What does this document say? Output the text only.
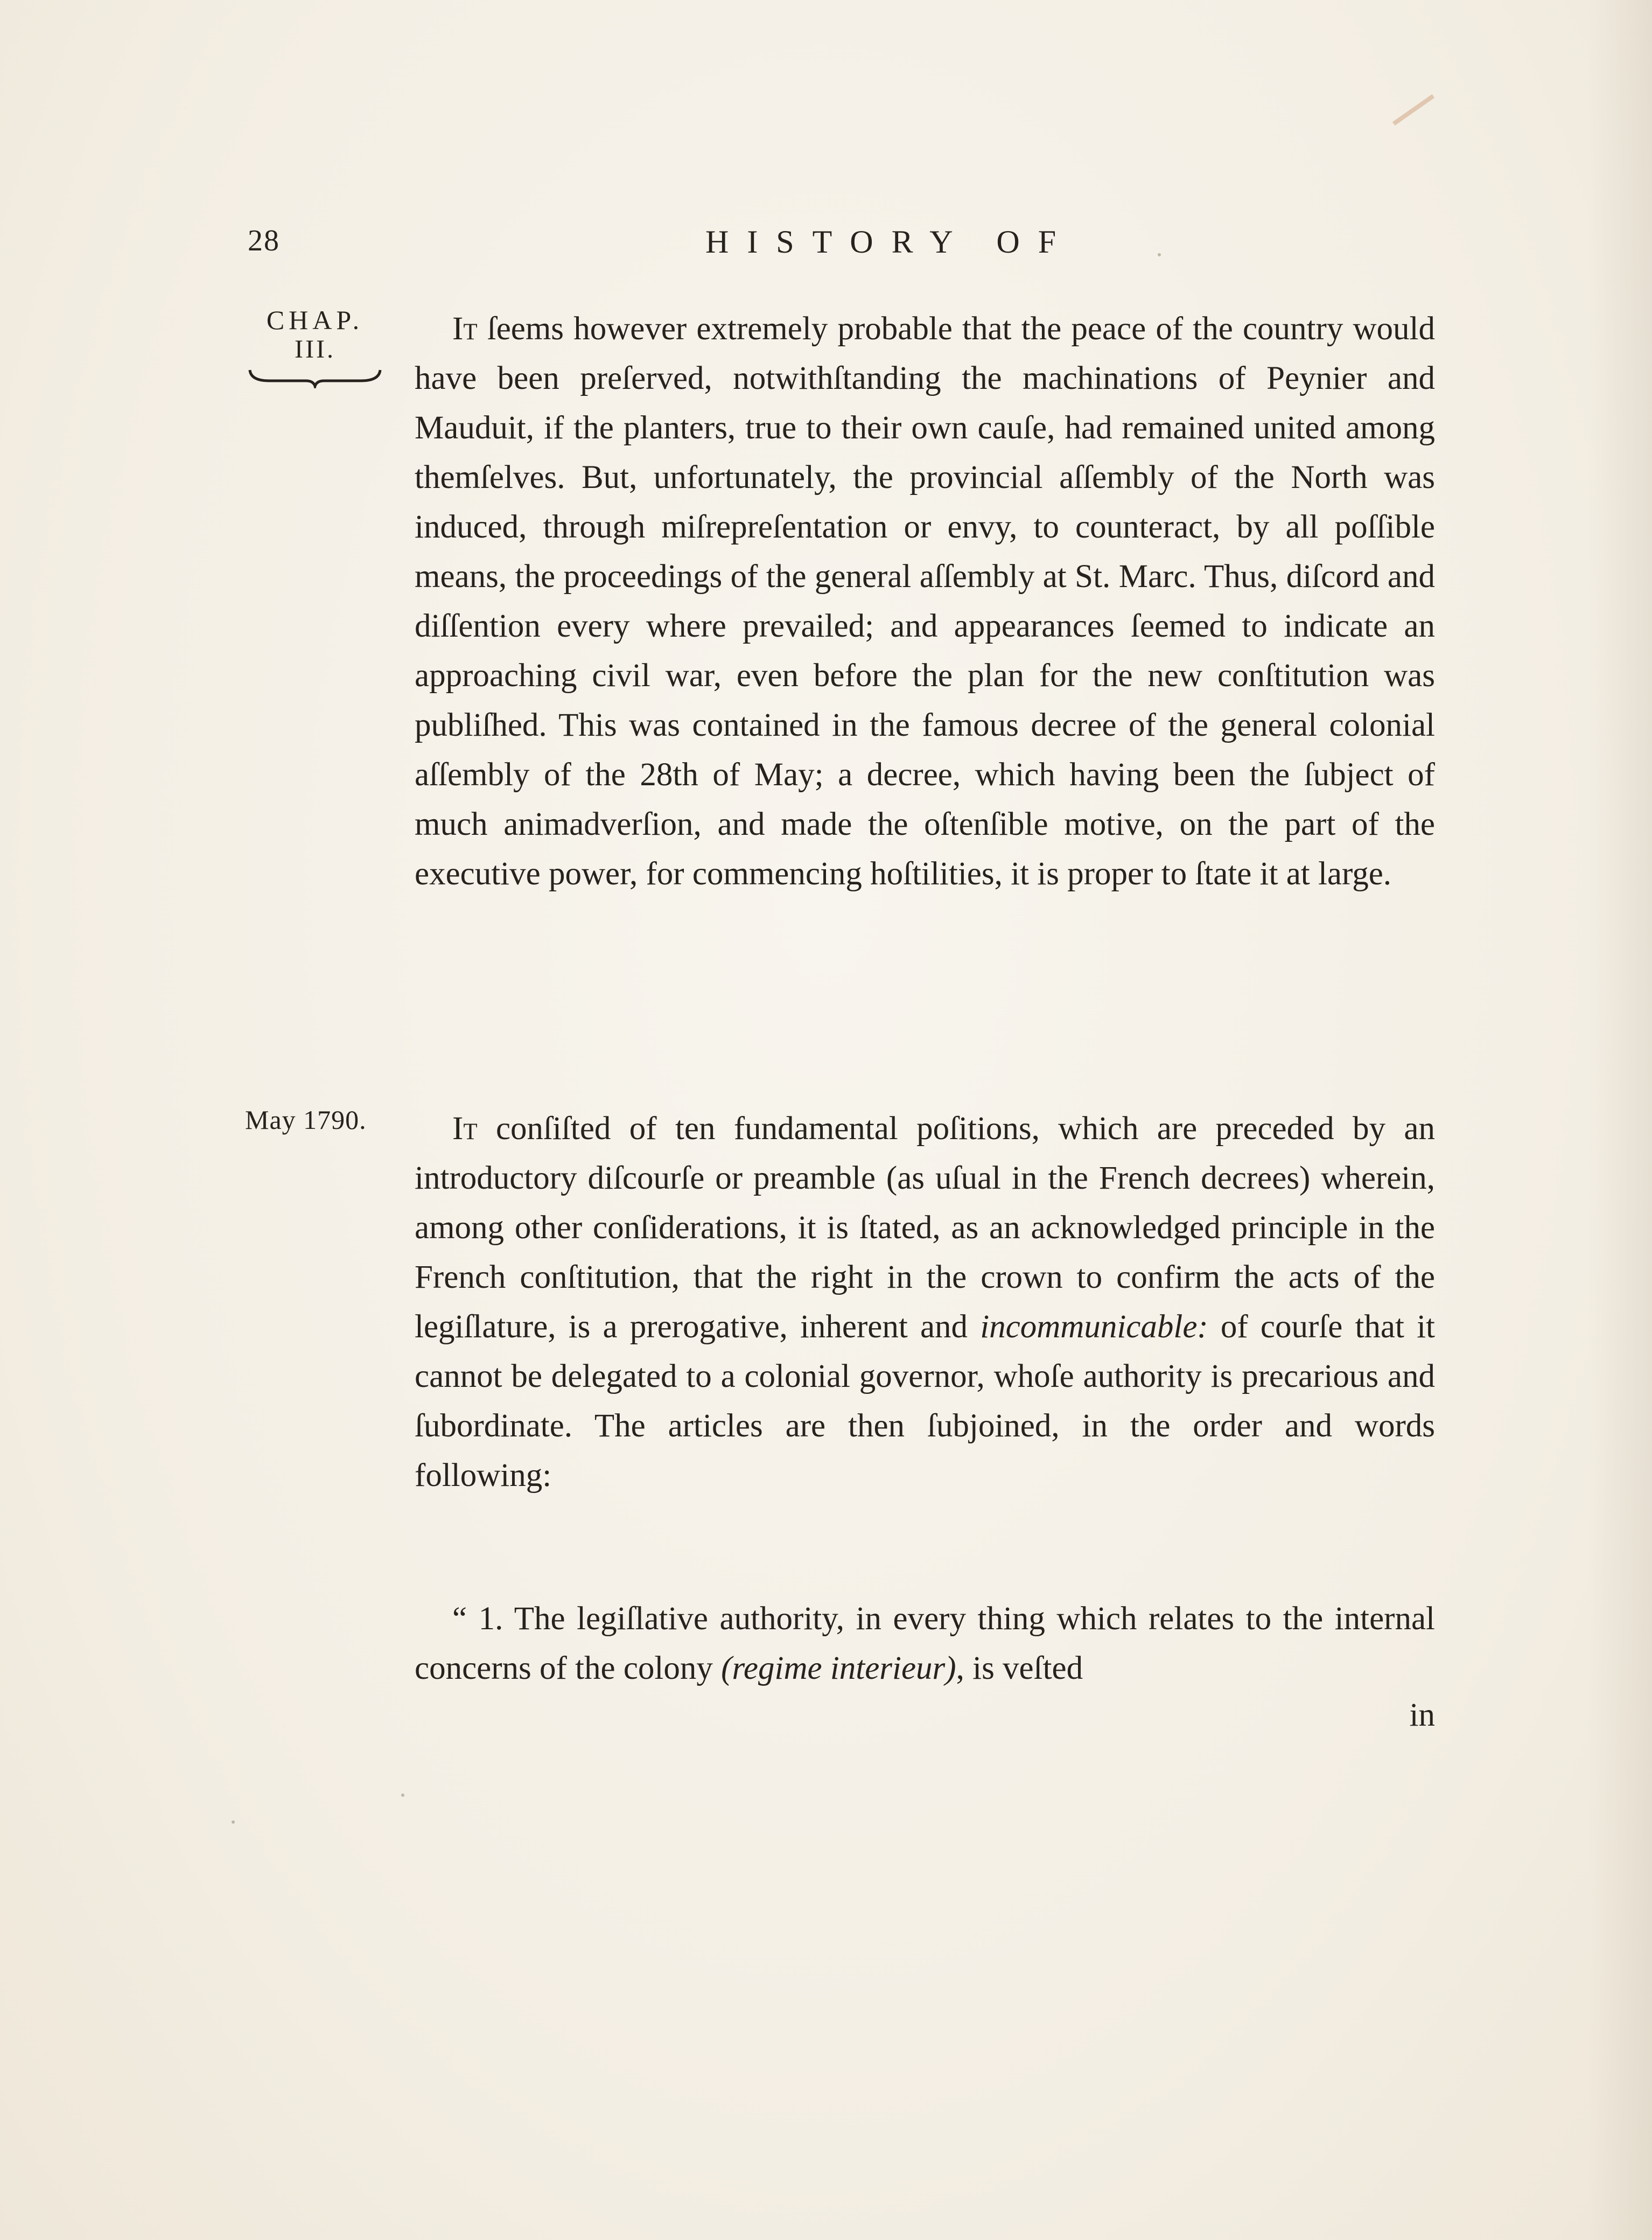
28	HISTORY OF
CHAP.
III.
May 1790.

It ſeems however extremely probable that the peace of the country would have been preſerved, notwithſtanding the machinations of Peynier and Mauduit, if the planters, true to their own cauſe, had remained united among themſelves. But, unfortunately, the provincial aſſembly of the North was induced, through miſrepreſentation or envy, to counteract, by all poſſible means, the proceedings of the general aſſembly at St. Marc. Thus, diſcord and diſſention every where prevailed; and appearances ſeemed to indicate an approaching civil war, even before the plan for the new conſtitution was publiſhed. This was contained in the famous decree of the general colonial aſſembly of the 28th of May; a decree, which having been the ſubject of much animadverſion, and made the oſtenſible motive, on the part of the executive power, for commencing hoſtilities, it is proper to ſtate it at large.

It conſiſted of ten fundamental poſitions, which are preceded by an introductory diſcourſe or preamble (as uſual in the French decrees) wherein, among other conſiderations, it is ſtated, as an acknowledged principle in the French conſtitution, that the right in the crown to confirm the acts of the legiſlature, is a prerogative, inherent and incommunicable: of courſe that it cannot be delegated to a colonial governor, whoſe authority is precarious and ſubordinate. The articles are then ſubjoined, in the order and words following:

“ 1. The legiſlative authority, in every thing which relates to the internal concerns of the colony (regime interieur), is veſted

in
